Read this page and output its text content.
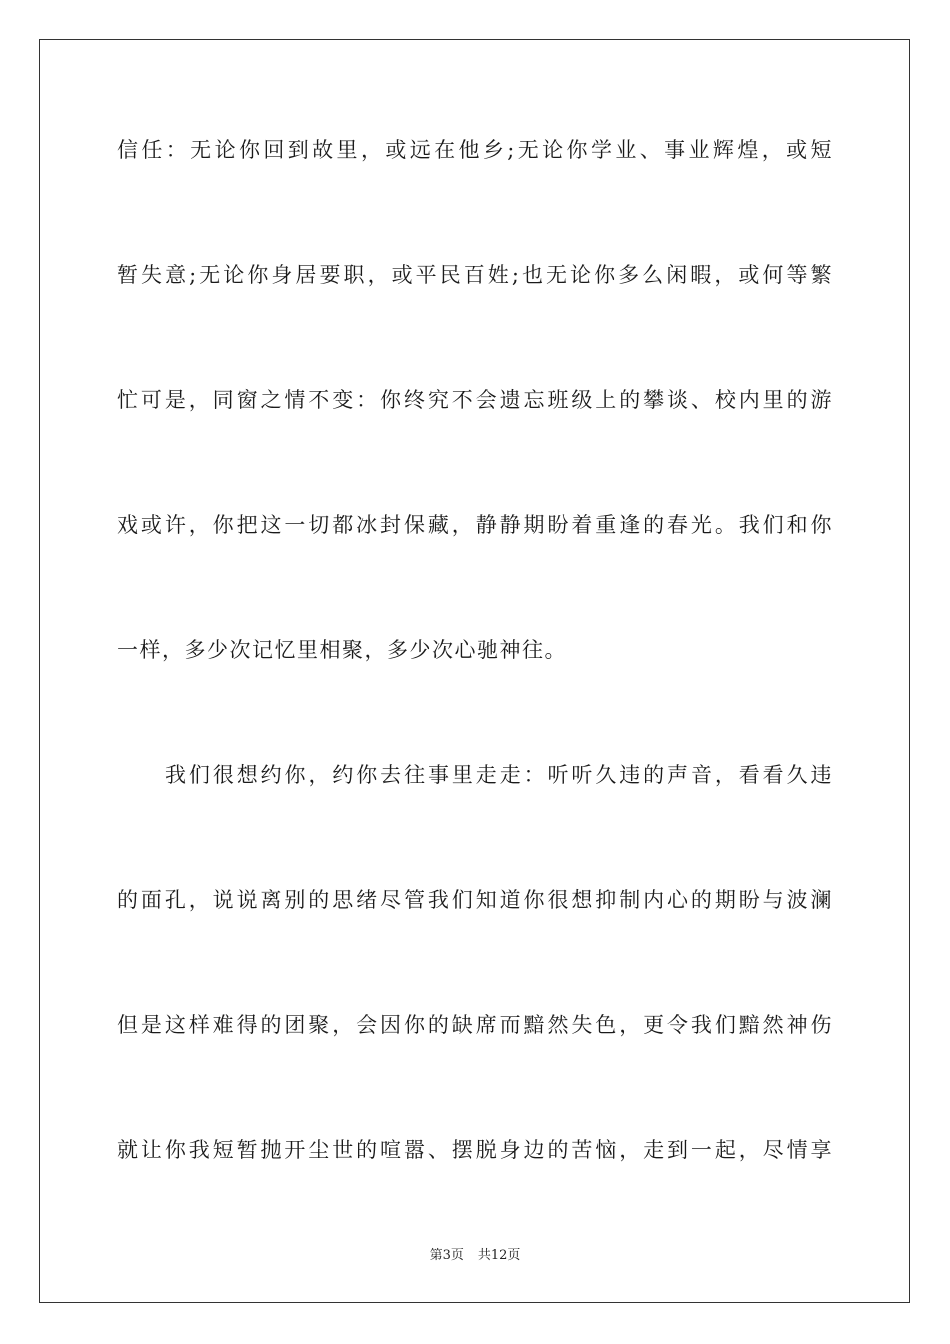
信任：无论你回到故里，或远在他乡;无论你学业、事业辉煌，或短
暂失意;无论你身居要职，或平民百姓;也无论你多么闲暇，或何等繁
忙可是，同窗之情不变：你终究不会遗忘班级上的攀谈、校内里的游
戏或许，你把这一切都冰封保藏，静静期盼着重逢的春光。我们和你
一样，多少次记忆里相聚，多少次心驰神往。
我们很想约你，约你去往事里走走：听听久违的声音，看看久违
的面孔，说说离别的思绪尽管我们知道你很想抑制内心的期盼与波澜
但是这样难得的团聚，会因你的缺席而黯然失色，更令我们黯然神伤
就让你我短暂抛开尘世的喧嚣、摆脱身边的苦恼，走到一起，尽情享
第3页 共12页
